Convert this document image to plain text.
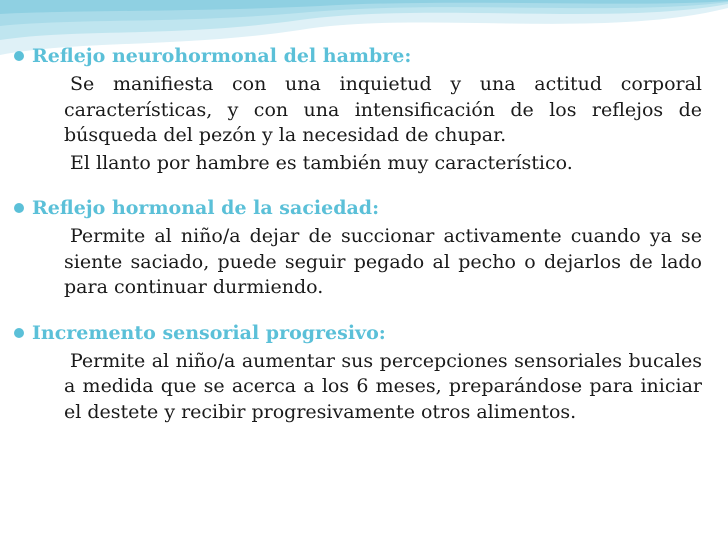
Reflejo neurohormonal del hambre:

Se manifiesta con una inquietud y una actitud corporal características, y con una intensificación de los reflejos de búsqueda del pezón y la necesidad de chupar.

El llanto por hambre es también muy característico.

Reflejo hormonal de la saciedad:

Permite al niño/a dejar de succionar activamente cuando ya se siente saciado, puede seguir pegado al pecho o dejarlos de lado para continuar durmiendo.

Incremento sensorial progresivo:

Permite al niño/a aumentar sus percepciones sensoriales bucales a medida que se acerca a los 6 meses, preparándose para iniciar el destete y recibir progresivamente otros alimentos.
